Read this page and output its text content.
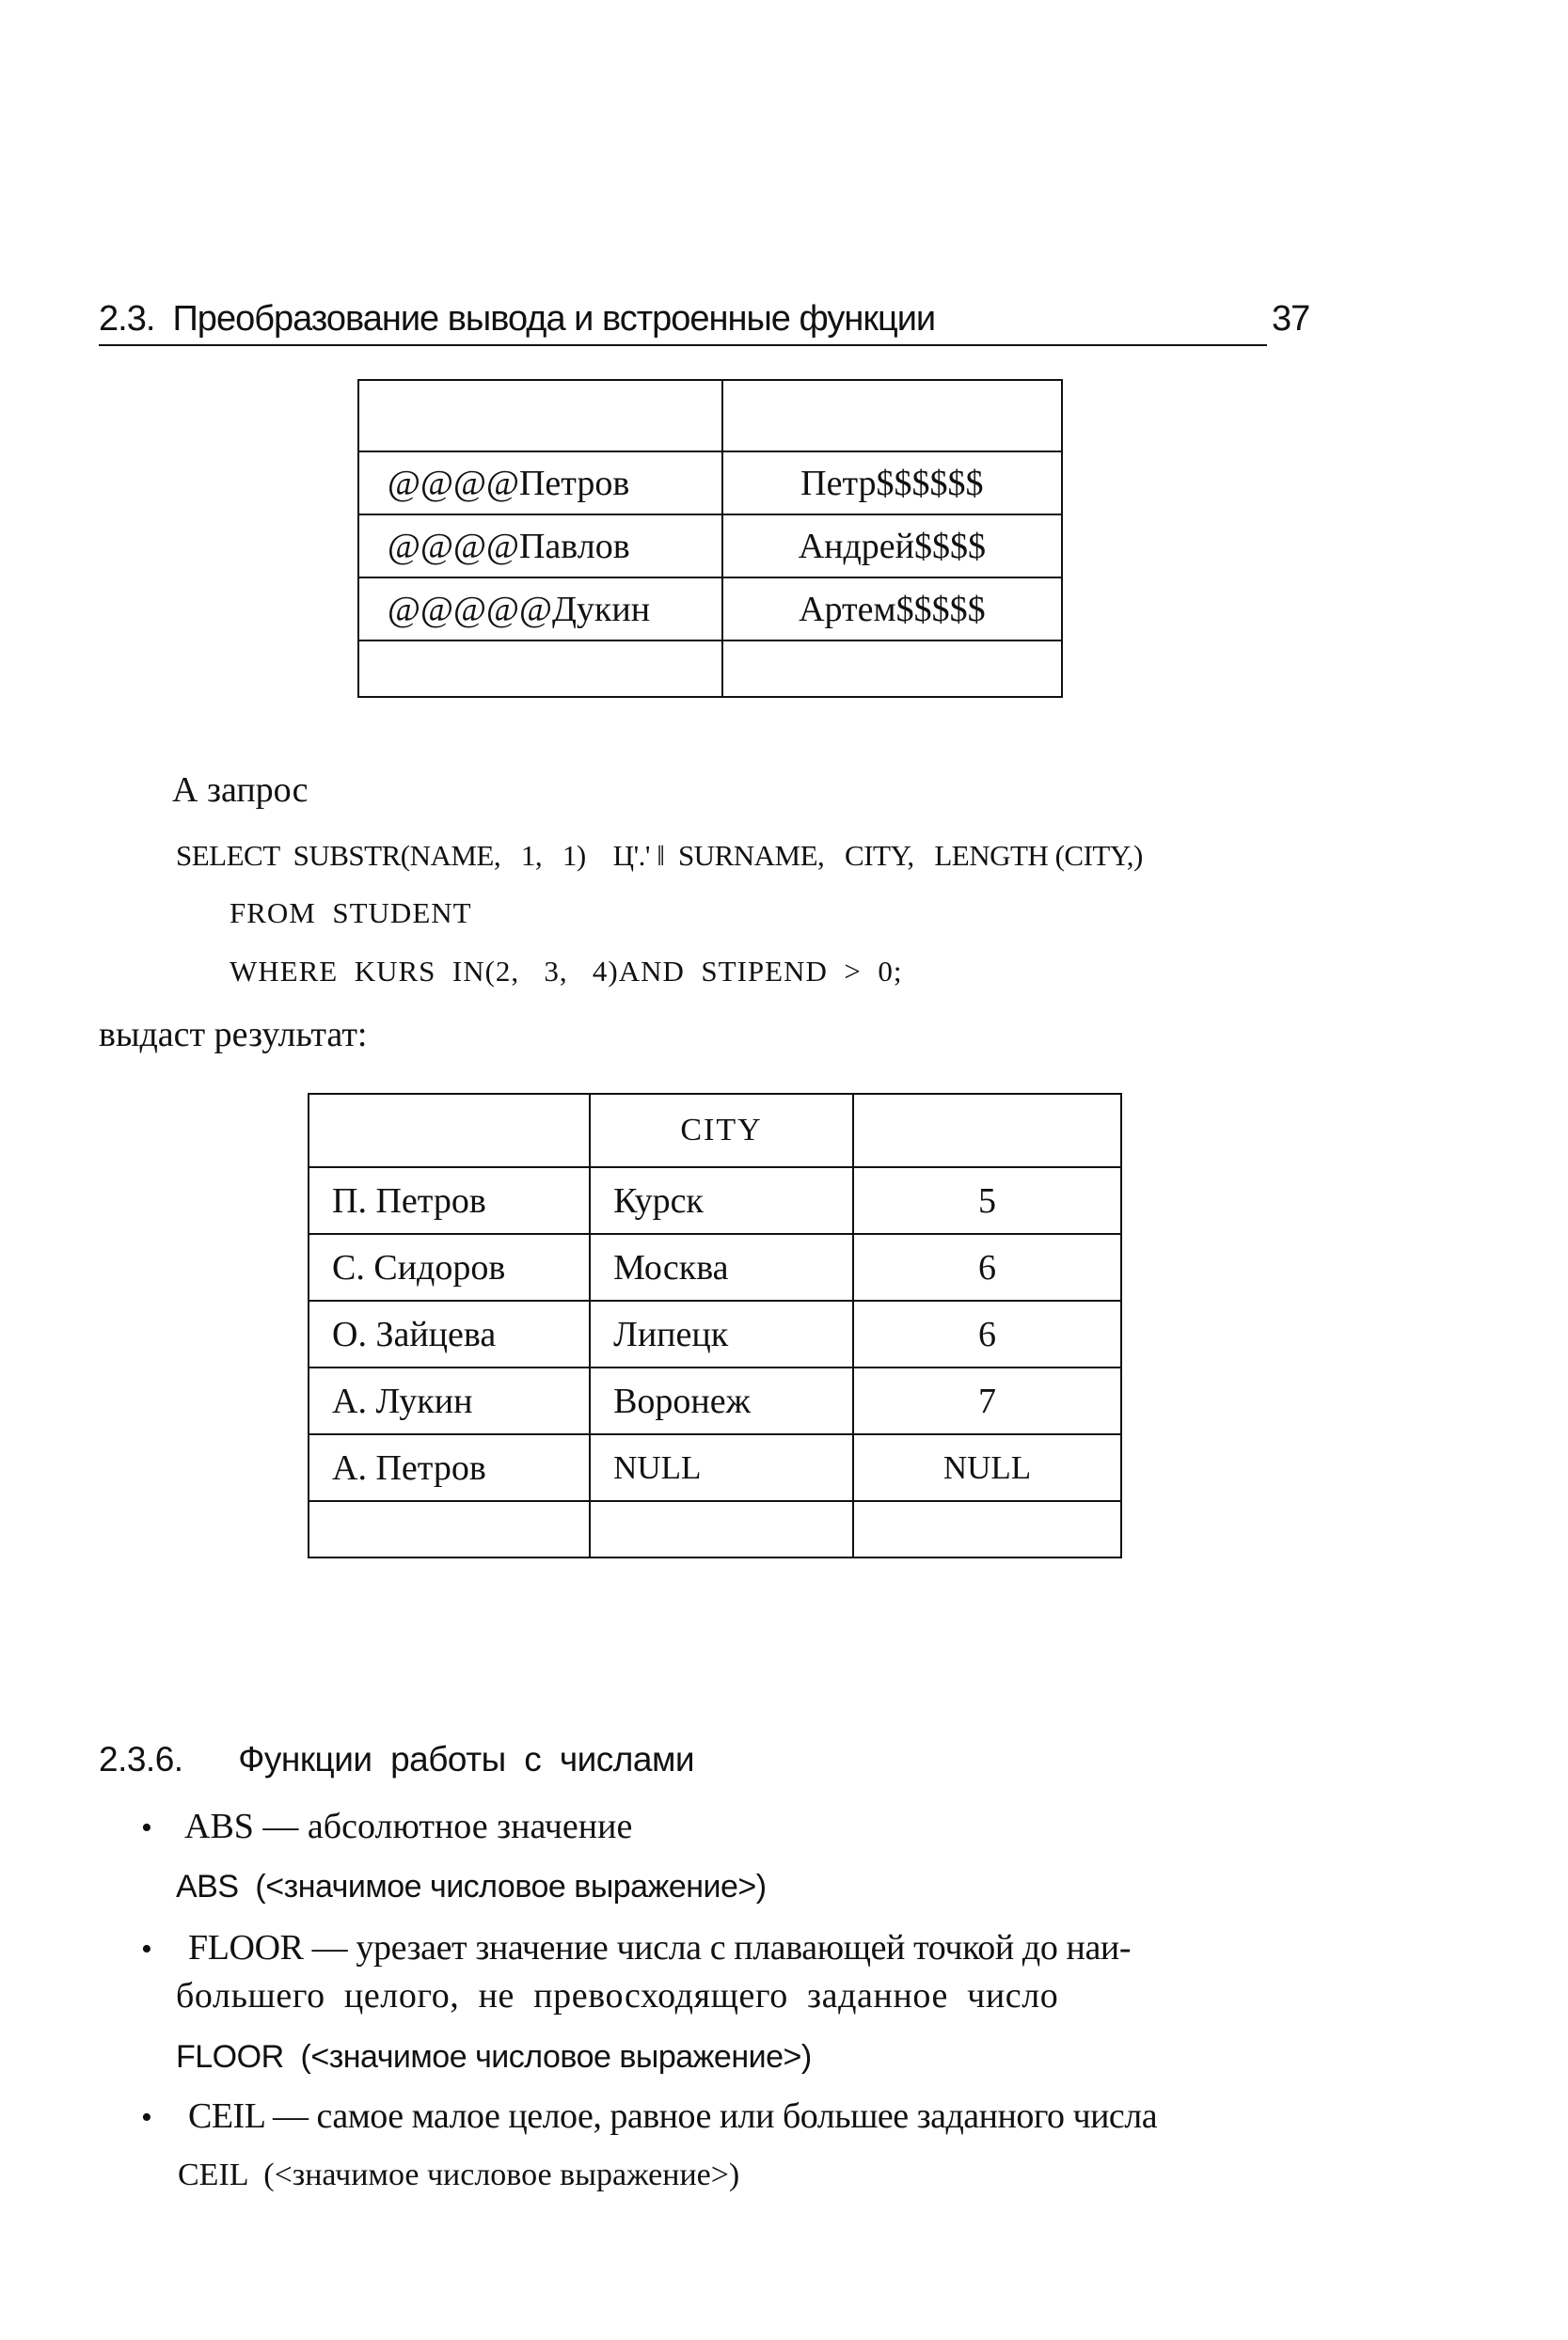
2.3.  Преобразование вывода и встроенные функции	37

@@@@Петров	Петр$$$$$$
@@@@Павлов	Андрей$$$$
@@@@@Дукин	Артем$$$$$

А запрос
SELECT  SUBSTR(NAME,   1,   1)    Ц'.' ‖  SURNAME,   CITY,   LENGTH (CITY,)
FROM  STUDENT
WHERE  KURS  IN(2,   3,   4)AND  STIPEND  >  0;
выдаст результат:
	CITY	
П. Петров	Курск	5
С. Сидоров	Москва	6
О. Зайцева	Липецк	6
А. Лукин	Воронеж	7
А. Петров	NULL	NULL

2.3.6.      Функции  работы  с  числами
• ABS — абсолютное значение
ABS  (<значимое числовое выражение>)
• FLOOR — урезает значение числа с плавающей точкой до наи-
большего  целого,  не  превосходящего  заданное  число
FLOOR  (<значимое числовое выражение>)
• CEIL — самое малое целое, равное или большее заданного числа
CEIL  (<значимое числовое выражение>)
